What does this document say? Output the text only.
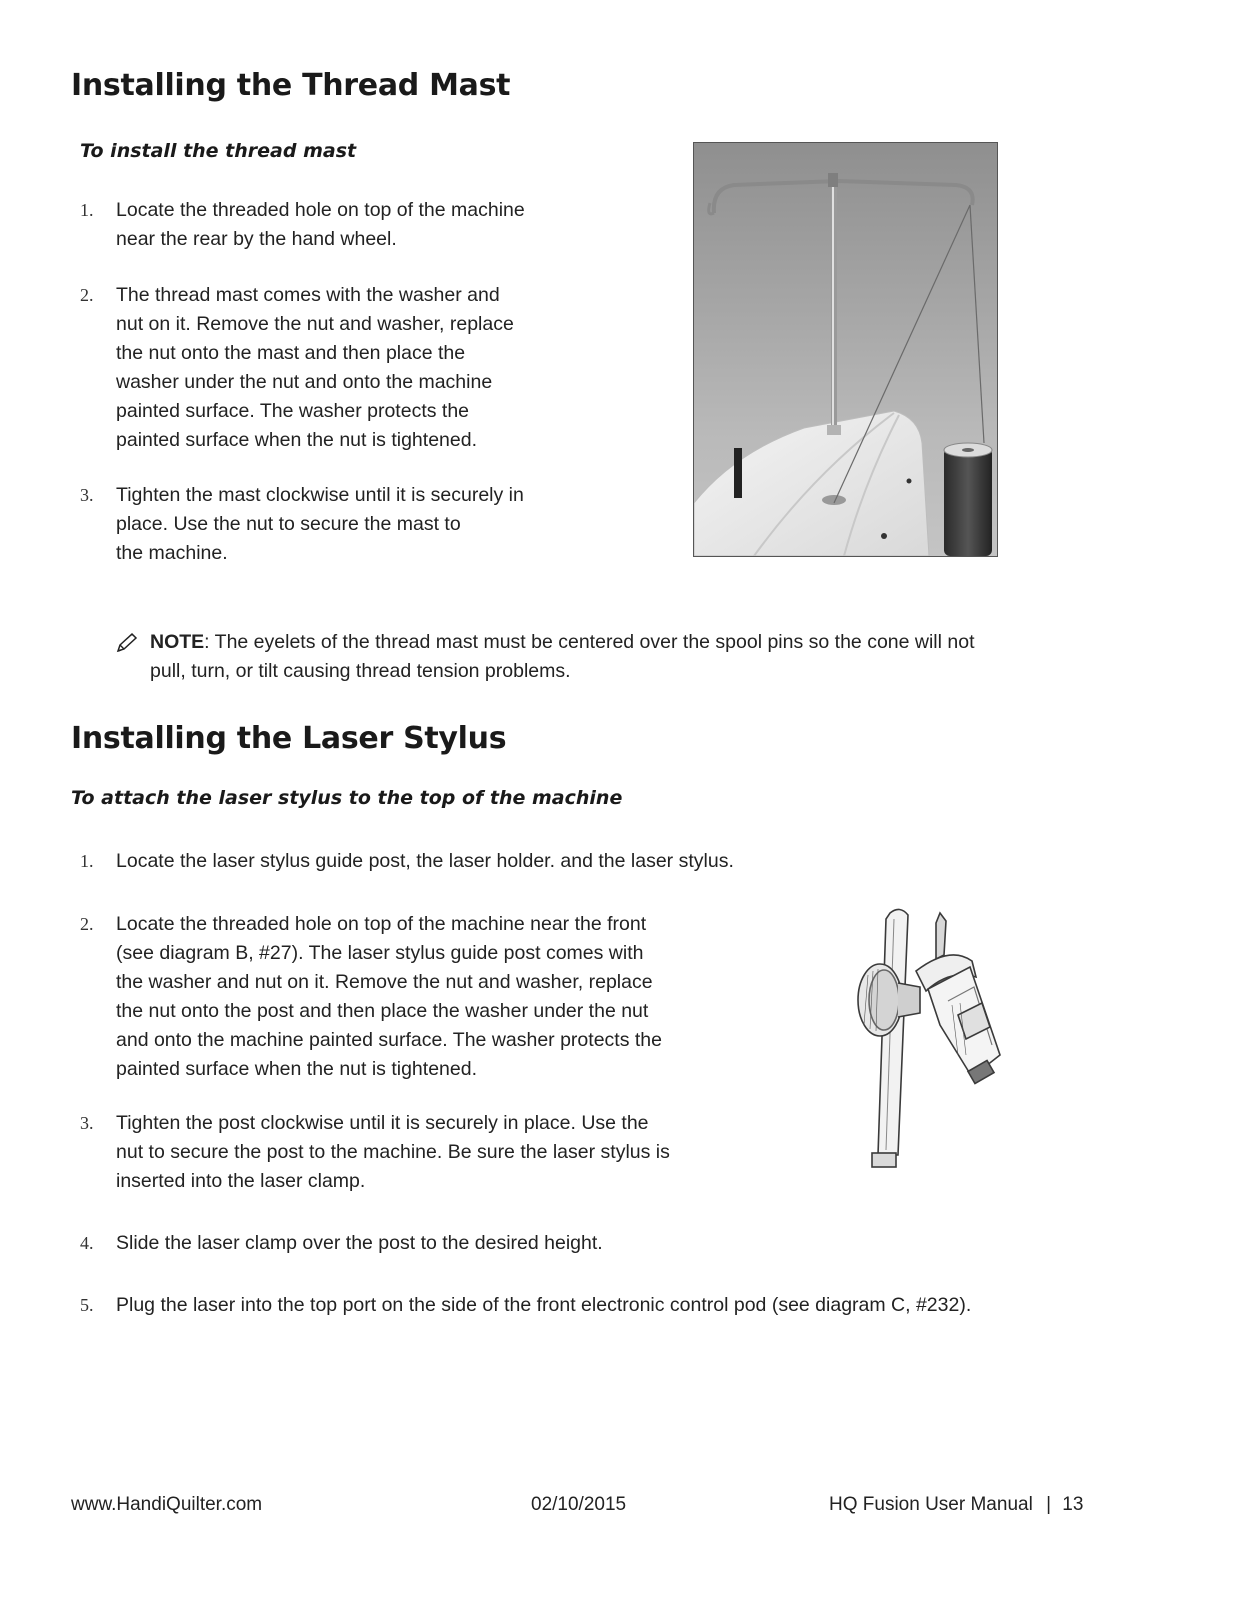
Installing the Thread Mast
To install the thread mast
1.	Locate the threaded hole on top of the machine
near the rear by the hand wheel.
2.	The thread mast comes with the washer and
nut on it. Remove the nut and washer, replace
the nut onto the mast and then place the
washer under the nut and onto the machine
painted surface. The washer protects the
painted surface when the nut is tightened.
3.	Tighten the mast clockwise until it is securely in
place. Use the nut to secure the mast to
the machine.
NOTE: The eyelets of the thread mast must be centered over the spool pins so the cone will not
pull, turn, or tilt causing thread tension problems.
Installing the Laser Stylus
To attach the laser stylus to the top of the machine
1.	Locate the laser stylus guide post, the laser holder. and the laser stylus.
2.	Locate the threaded hole on top of the machine near the front
(see diagram B, #27). The laser stylus guide post comes with
the washer and nut on it. Remove the nut and washer, replace
the nut onto the post and then place the washer under the nut
and onto the machine painted surface. The washer protects the
painted surface when the nut is tightened.
3.	Tighten the post clockwise until it is securely in place. Use the
nut to secure the post to the machine. Be sure the laser stylus is
inserted into the laser clamp.
4.	Slide the laser clamp over the post to the desired height.
5.	Plug the laser into the top port on the side of the front electronic control pod (see diagram C, #232).
www.HandiQuilter.com	02/10/2015	HQ Fusion User Manual | 13
